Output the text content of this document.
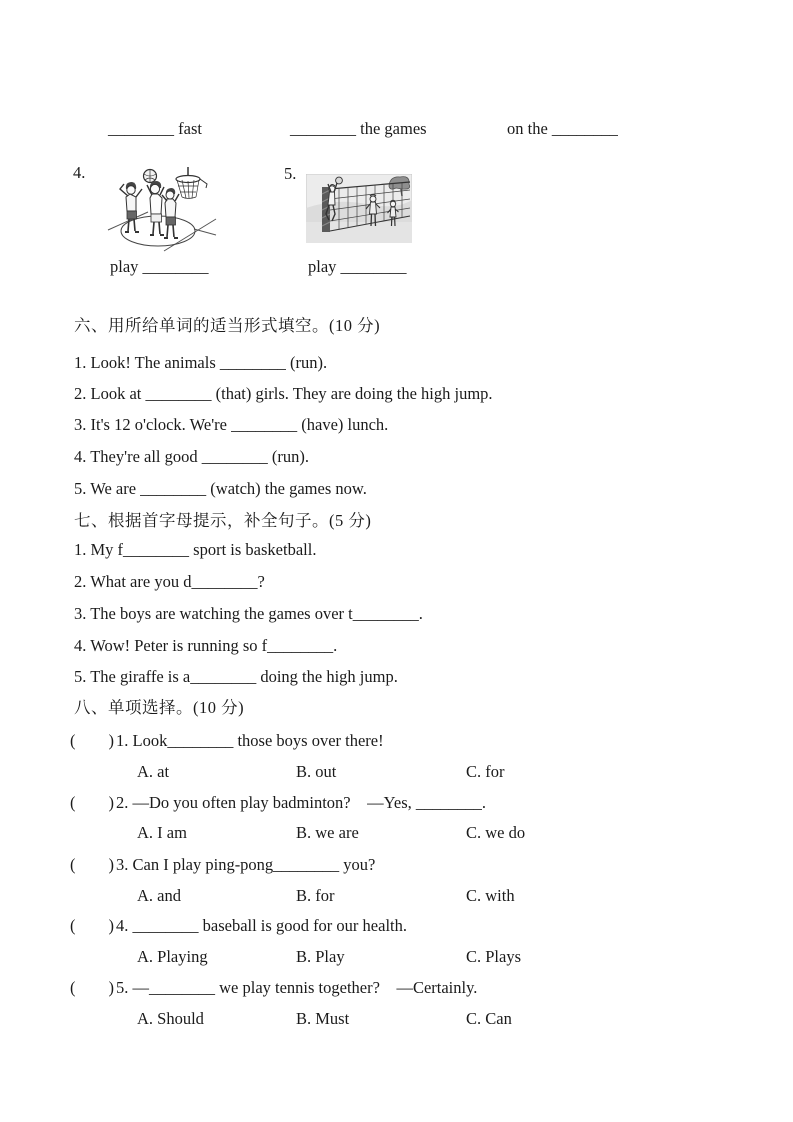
________ fast	________ the games	on the ________
4.	5.
play ________	play ________
六、用所给单词的适当形式填空。(10 分)
1. Look! The animals ________ (run).
2. Look at ________ (that) girls. They are doing the high jump.
3. It's 12 o'clock. We're ________ (have) lunch.
4. They're all good ________ (run).
5. We are ________ (watch) the games now.
七、根据首字母提示，补全句子。(5 分)
1. My f________ sport is basketball.
2. What are you d________?
3. The boys are watching the games over t________.
4. Wow! Peter is running so f________.
5. The giraffe is a________ doing the high jump.
八、单项选择。(10 分)
(　　) 1. Look________ those boys over there!
A. at	B. out	C. for
(　　) 2. —Do you often play badminton?　—Yes, ________.
A. I am	B. we are	C. we do
(　　) 3. Can I play ping-pong________ you?
A. and	B. for	C. with
(　　) 4. ________ baseball is good for our health.
A. Playing	B. Play	C. Plays
(　　) 5. —________ we play tennis together?　—Certainly.
A. Should	B. Must	C. Can
